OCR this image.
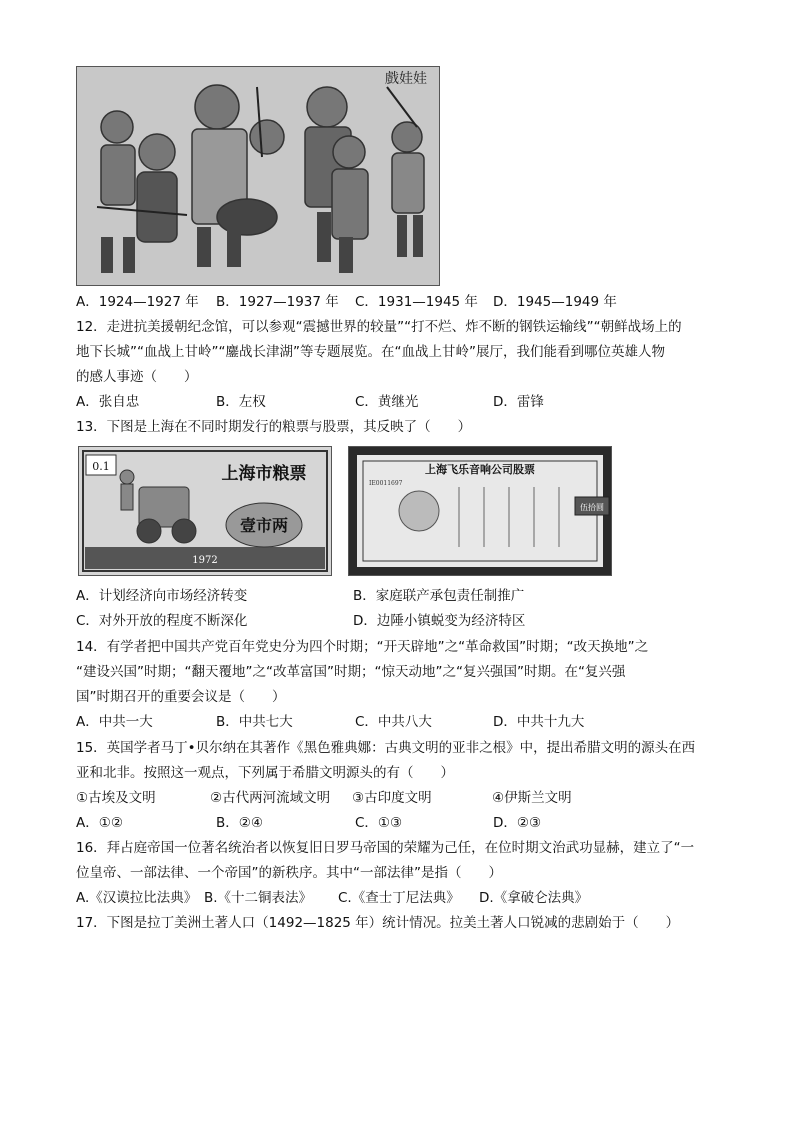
戲娃娃
A．1924—1927 年 B．1927—1937 年 C．1931—1945 年 D．1945—1949 年
12．走进抗美援朝纪念馆，可以参观“震撼世界的较量”“打不烂、炸不断的钢铁运输线”“朝鲜战场上的
地下长城”“血战上甘岭”“鏖战长津湖”等专题展览。在“血战上甘岭”展厅，我们能看到哪位英雄人物
的感人事迹（　　）
A．张自忠	B．左权	C．黄继光	D．雷锋
13．下图是上海在不同时期发行的粮票与股票，其反映了（　　）
0.1	上海市粮票
壹市两
1972
上海飞乐音响公司股票
IE0011697
伍拾圆
A．计划经济向市场经济转变	B．家庭联产承包责任制推广
C．对外开放的程度不断深化	D．边陲小镇蜕变为经济特区
14．有学者把中国共产党百年党史分为四个时期；“开天辟地”之“革命救国”时期；“改天换地”之
“建设兴国”时期；“翻天覆地”之“改革富国”时期；“惊天动地”之“复兴强国”时期。在“复兴强
国”时期召开的重要会议是（　　）
A．中共一大	B．中共七大	C．中共八大	D．中共十九大
15．英国学者马丁•贝尔纳在其著作《黑色雅典娜：古典文明的亚非之根》中，提出希腊文明的源头在西
亚和北非。按照这一观点，下列属于希腊文明源头的有（　　）
①古埃及文明	②古代两河流域文明 ③古印度文明	④伊斯兰文明
A．①②	B．②④	C．①③	D．②③
16．拜占庭帝国一位著名统治者以恢复旧日罗马帝国的荣耀为己任，在位时期文治武功显赫，建立了“一
位皇帝、一部法律、一个帝国”的新秩序。其中“一部法律”是指（　　）
A.《汉谟拉比法典》 B.《十二铜表法》 C.《查士丁尼法典》 D.《拿破仑法典》
17．下图是拉丁美洲土著人口（1492—1825 年）统计情况。拉美土著人口锐减的悲剧始于（　　）
